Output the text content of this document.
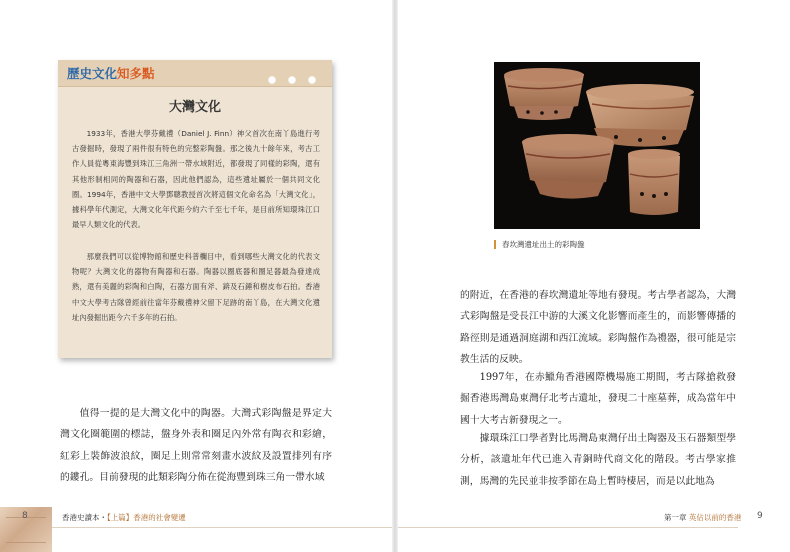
歷史文化知多點
大灣文化

1933年，香港大學芬戴禮（Daniel J. Finn）神父首次在南丫島進行考古發掘時，發現了兩件很有特色的完整彩陶盤。那之後九十餘年來，考古工作人員從粵東海豐到珠江三角洲一帶水域附近，都發現了同樣的彩陶，還有其他形制相同的陶器和石器，因此他們認為，這些遺址屬於一個共同文化圈。1994年，香港中文大學鄧聰教授首次將這個文化命名為「大灣文化」，據科學年代測定，大灣文化年代距今約六千至七千年，是目前所知環珠江口最早人類文化的代表。

那麼我們可以從博物館和歷史科普欄目中，看到哪些大灣文化的代表文物呢？大灣文化的器物有陶器和石器。陶器以圈底器和圈足器最為發達成熟，還有美麗的彩陶和白陶，石器方面有斧、錛及石錘和樹皮布石拍。香港中文大學考古隊曾經前往當年芬戴禮神父留下足跡的南丫島，在大灣文化遺址內發掘出距今六千多年的石拍。

值得一提的是大灣文化中的陶器。大灣式彩陶盤是界定大灣文化圈範圍的標誌，盤身外表和圈足內外常有陶衣和彩繪，紅彩上裝飾波浪紋，圈足上則常常刻畫水波紋及設置排列有序的鏤孔。目前發現的此類彩陶分佈在從海豐到珠三角一帶水域

舂坎灣遺址出土的彩陶盤

的附近，在香港的舂坎灣遺址等地有發現。考古學者認為，大灣式彩陶盤是受長江中游的大溪文化影響而產生的，而影響傳播的路徑則是通過洞庭湖和西江流域。彩陶盤作為禮器，很可能是宗教生活的反映。

1997年，在赤鱲角香港國際機場施工期間，考古隊搶救發掘香港馬灣島東灣仔北考古遺址，發現二十座墓葬，成為當年中國十大考古新發現之一。

據環珠江口學者對比馬灣島東灣仔出土陶器及玉石器類型學分析，該遺址年代已進入青銅時代商文化的階段。考古學家推測，馬灣的先民並非按季節在島上暫時棲居，而是以此地為

8	香港史讀本・【上篇】香港的社會變遷	第一章 英佔以前的香港 9
